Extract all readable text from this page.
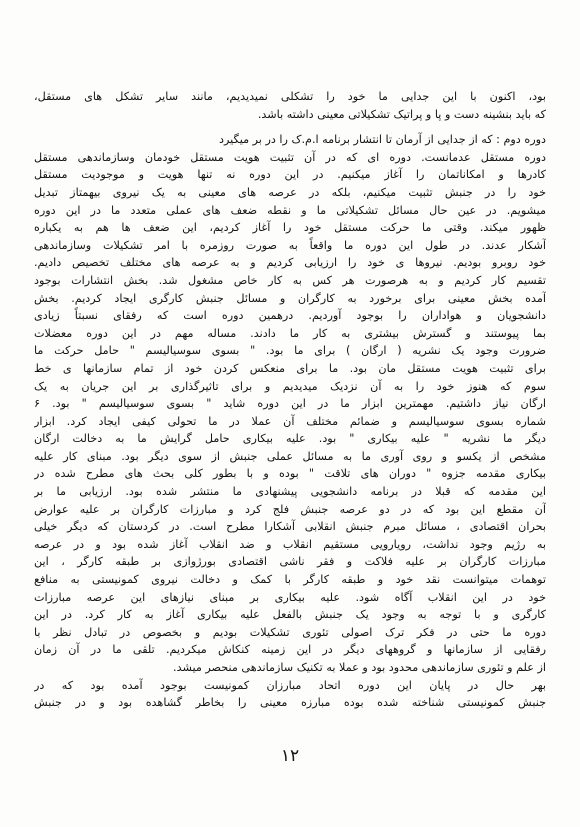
بود، اکنون با این جدایی ما خود را تشکلی نمیدیدیم، مانند سایر تشکل های مستقل،
که باید بنشینه دست و پا و پراتیک تشکیلاتی معینی داشته باشد.
دوره دوم : که از جدایی از آرمان تا انتشار برنامه ا.م.ک را در بر میگیرد
دوره مستقل عدمانست. دوره ای که در آن تثبیت هویت مستقل خودمان وسازماندهی مستقل
کادرها و امکاناتمان را آغاز میکنیم. در این دوره نه تنها هویت و موجودیت مستقل
خود را در جنبش تثبیت میکنیم، بلکه در عرصه های معینی به یک نیروی بیهمتاز تبدیل
میشویم. در عین حال مسائل تشکیلاتی ما و نقطه ضعف های عملی متعدد ما در این دوره
ظهور میکند. وقتی ما حرکت مستقل خود را آغاز کردیم، این ضعف ها هم به یکباره
آشکار عدند. در طول این دوره ما واقعاً به صورت روزمره با امر تشکیلات وسازماندهی
خود روبرو بودیم. نیروها ی خود را ارزیابی کردیم و به عرصه های مختلف تخصیص دادیم.
تقسیم کار کردیم و به هرصورت هر کس به کار خاص مشغول شد. بخش انتشارات بوجود
آمده بخش معینی برای برخورد به کارگران و مسائل جنبش کارگری ایجاد کردیم. بخش
دانشجویان و هواداران را بوجود آوردیم. درهمین دوره است که رفقای نسبتاً زیادی
بما پیوستند و گسترش بیشتری به کار ما دادند. مساله مهم در این دوره معضلات
ضرورت وجود یک نشریه ( ارگان ) برای ما بود. " بسوی سوسیالیسم " حامل حرکت ما
برای تثبیت هویت مستقل مان بود. ما برای منعکس کردن خود از تمام سازمانها ی خط
سوم که هنوز خود را به آن نزدیک میدیدیم و برای تاثیرگذاری بر این جریان به یک
ارگان نیاز داشتیم. مهمترین ابزار ما در این دوره شاید " بسوی سوسیالیسم " بود. ۶
شماره بسوی سوسیالیسم و ضمائم مختلف آن عملا در ما تحولی کیفی ایجاد کرد. ابزار
دیگر ما نشریه " علیه بیکاری " بود. علیه بیکاری حامل گرایش ما به دخالت ارگان
مشخص از یکسو و روی آوری ما به مسائل عملی جنبش از سوی دیگر بود. مبنای کار علیه
بیکاری مقدمه جزوه " دوران های تلاقت " بوده و با بطور کلی بحث های مطرح شده در
این مقدمه که قبلا در برنامه دانشجویی پیشنهادی ما منتشر شده بود. ارزیابی ما بر
آن مقطع این بود که در دو عرصه جنبش فلج کرد و مبارزات کارگران بر علیه عوارض
بحران اقتصادی ، مسائل مبرم جنبش انقلابی آشکارا مطرح است. در کردستان که دیگر خیلی
به رژیم وجود نداشت، رویارویی مستقیم انقلاب و ضد انقلاب آغاز شده بود و در عرصه
مبارزات کارگران بر علیه فلاکت و فقر ناشی اقتصادی بورژوازی بر طبقه کارگر ، این
توهمات میتوانست نقد خود و طبقه کارگر با کمک و دخالت نیروی کمونیستی به منافع
خود در این انقلاب آگاه شود. علیه بیکاری بر مبنای نیازهای این عرصه مبارزات
کارگری و با توجه به وجود یک جنبش بالفعل علیه بیکاری آغاز به کار کرد. در این
دوره ما حتی در فکر ترک اصولی تئوری تشکیلات بودیم و بخصوص در تبادل نظر با
رفقایی از سازمانها و گروههای دیگر در این زمینه کنکاش میکردیم. تلقی ما در آن زمان
از علم و تئوری سازماندهی محدود بود و عملا به تکنیک سازماندهی منحصر میشد.
بهر حال در پایان این دوره اتحاد مبارزان کمونیست بوجود آمده بود که در
جنبش کمونیستی شناخته شده بوده مبارزه معینی را بخاطر گشاهده بود و در جنبش
۱۲
